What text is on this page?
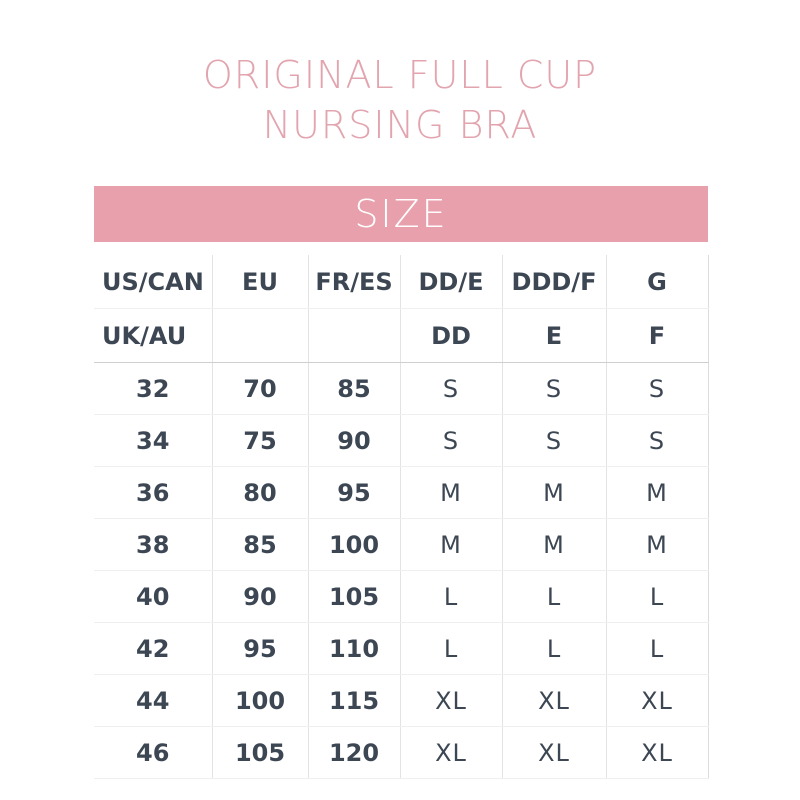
ORIGINAL FULL CUP
NURSING BRA
SIZE
US/CAN	EU	FR/ES	DD/E	DDD/F	G
UK/AU			DD	E	F
32	70	85	S	S	S
34	75	90	S	S	S
36	80	95	M	M	M
38	85	100	M	M	M
40	90	105	L	L	L
42	95	110	L	L	L
44	100	115	XL	XL	XL
46	105	120	XL	XL	XL
